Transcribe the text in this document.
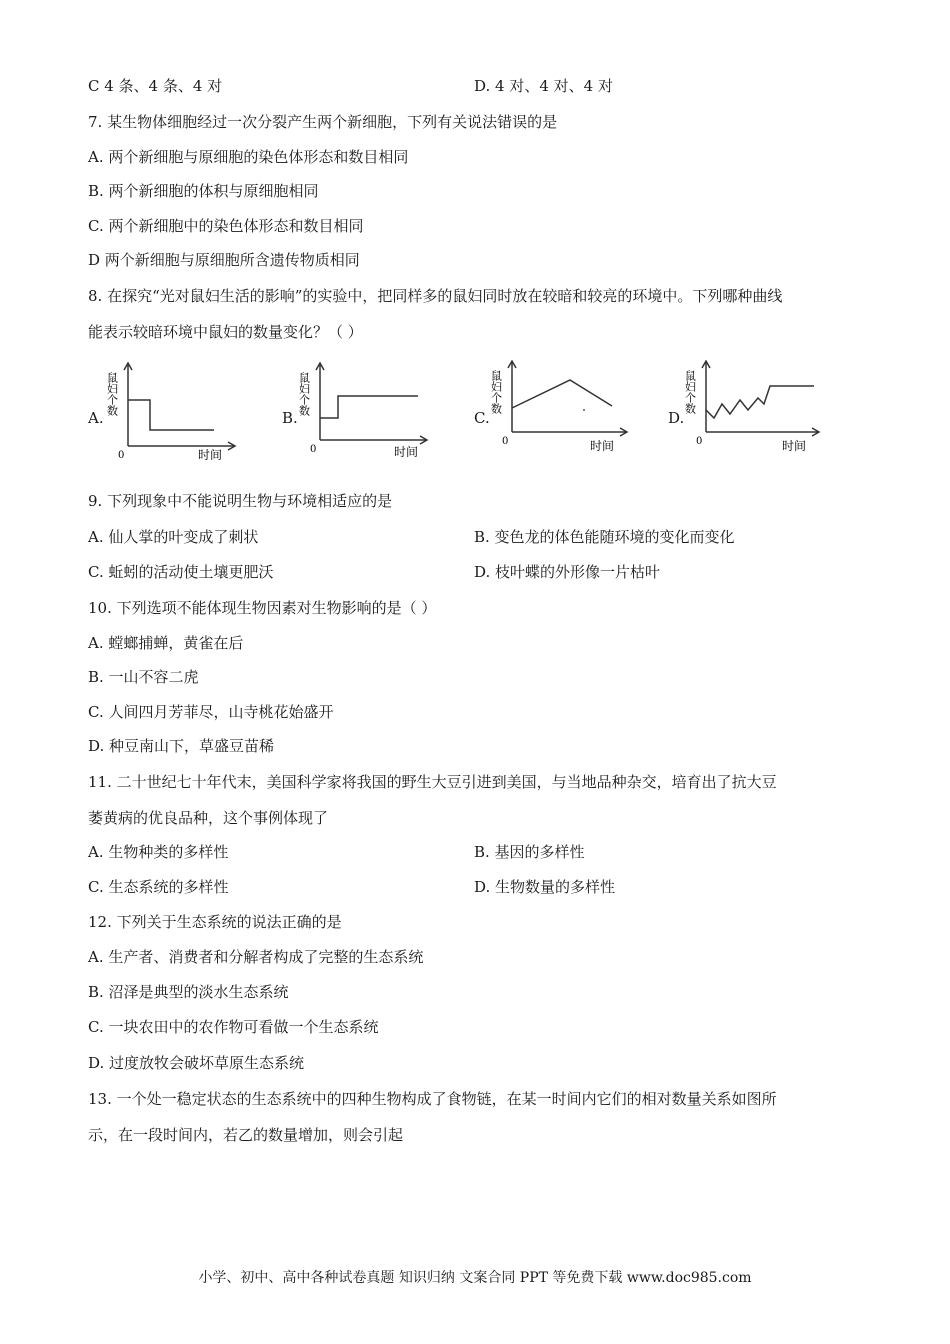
C 4 条、4 条、4 对	D. 4 对、4 对、4 对
7. 某生物体细胞经过一次分裂产生两个新细胞，下列有关说法错误的是
A. 两个新细胞与原细胞的染色体形态和数目相同
B. 两个新细胞的体积与原细胞相同
C. 两个新细胞中的染色体形态和数目相同
D 两个新细胞与原细胞所含遗传物质相同
8. 在探究“光对鼠妇生活的影响”的实验中，把同样多的鼠妇同时放在较暗和较亮的环境中。下列哪种曲线
能表示较暗环境中鼠妇的数量变化？（ ）
A.
鼠妇个数
0	时间
B.
鼠妇个数
0	时间
C.
鼠妇个数
0	时间
D.
鼠妇个数
0	时间
9. 下列现象中不能说明生物与环境相适应的是
A. 仙人掌的叶变成了刺状	B. 变色龙的体色能随环境的变化而变化
C. 蚯蚓的活动使土壤更肥沃	D. 枝叶蝶的外形像一片枯叶
10. 下列选项不能体现生物因素对生物影响的是（ ）
A. 螳螂捕蝉，黄雀在后
B. 一山不容二虎
C. 人间四月芳菲尽，山寺桃花始盛开
D. 种豆南山下，草盛豆苗稀
11. 二十世纪七十年代末，美国科学家将我国的野生大豆引进到美国，与当地品种杂交，培育出了抗大豆
萎黄病的优良品种，这个事例体现了
A. 生物种类的多样性	B. 基因的多样性
C. 生态系统的多样性	D. 生物数量的多样性
12. 下列关于生态系统的说法正确的是
A. 生产者、消费者和分解者构成了完整的生态系统
B. 沼泽是典型的淡水生态系统
C. 一块农田中的农作物可看做一个生态系统
D. 过度放牧会破坏草原生态系统
13. 一个处一稳定状态的生态系统中的四种生物构成了食物链，在某一时间内它们的相对数量关系如图所
示，在一段时间内，若乙的数量增加，则会引起
小学、初中、高中各种试卷真题 知识归纳 文案合同 PPT 等免费下载 www.doc985.com
